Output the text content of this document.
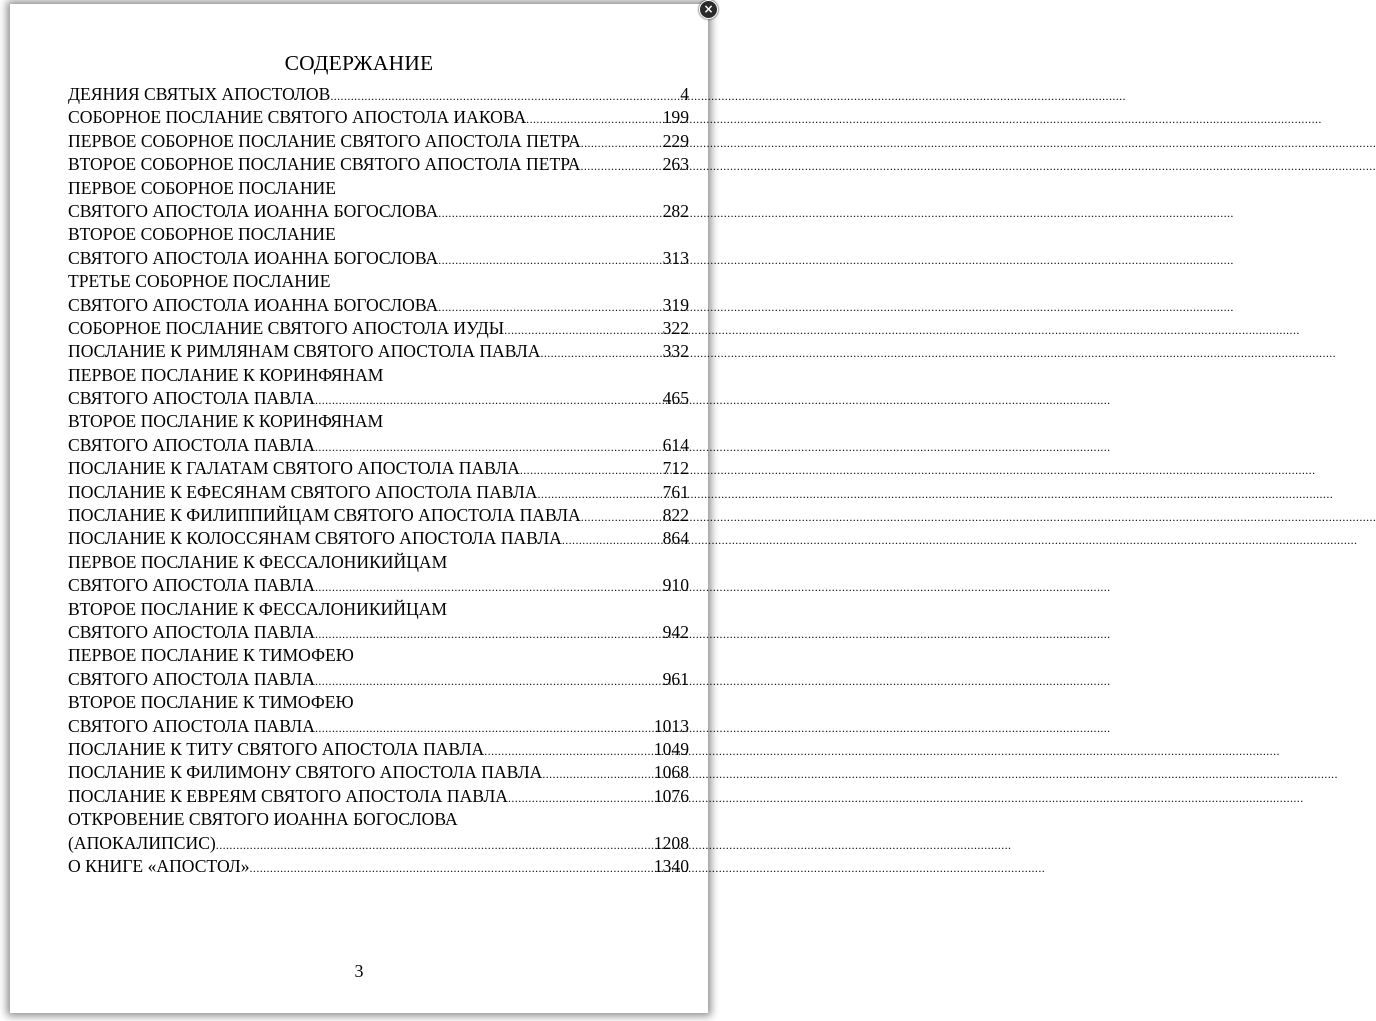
СОДЕРЖАНИЕ
ДЕЯНИЯ СВЯТЫХ АПОСТОЛОВ .....	4
СОБОРНОЕ ПОСЛАНИЕ СВЯТОГО АПОСТОЛА ИАКОВА .....	199
ПЕРВОЕ СОБОРНОЕ ПОСЛАНИЕ СВЯТОГО АПОСТОЛА ПЕТРА .....	229
ВТОРОЕ СОБОРНОЕ ПОСЛАНИЕ СВЯТОГО АПОСТОЛА ПЕТРА .....	263
ПЕРВОЕ СОБОРНОЕ ПОСЛАНИЕ
СВЯТОГО АПОСТОЛА ИОАННА БОГОСЛОВА .....	282
ВТОРОЕ СОБОРНОЕ ПОСЛАНИЕ
СВЯТОГО АПОСТОЛА ИОАННА БОГОСЛОВА .....	313
ТРЕТЬЕ СОБОРНОЕ ПОСЛАНИЕ
СВЯТОГО АПОСТОЛА ИОАННА БОГОСЛОВА .....	319
СОБОРНОЕ ПОСЛАНИЕ СВЯТОГО АПОСТОЛА ИУДЫ .....	322
ПОСЛАНИЕ К РИМЛЯНАМ СВЯТОГО АПОСТОЛА ПАВЛА .....	332
ПЕРВОЕ ПОСЛАНИЕ К КОРИНФЯНАМ
СВЯТОГО АПОСТОЛА ПАВЛА .....	465
ВТОРОЕ ПОСЛАНИЕ К КОРИНФЯНАМ
СВЯТОГО АПОСТОЛА ПАВЛА .....	614
ПОСЛАНИЕ К ГАЛАТАМ СВЯТОГО АПОСТОЛА ПАВЛА .....	712
ПОСЛАНИЕ К ЕФЕСЯНАМ СВЯТОГО АПОСТОЛА ПАВЛА .....	761
ПОСЛАНИЕ К ФИЛИППИЙЦАМ СВЯТОГО АПОСТОЛА ПАВЛА .....	822
ПОСЛАНИЕ К КОЛОССЯНАМ СВЯТОГО АПОСТОЛА ПАВЛА .....	864
ПЕРВОЕ ПОСЛАНИЕ К ФЕССАЛОНИКИЙЦАМ
СВЯТОГО АПОСТОЛА ПАВЛА .....	910
ВТОРОЕ ПОСЛАНИЕ К ФЕССАЛОНИКИЙЦАМ
СВЯТОГО АПОСТОЛА ПАВЛА .....	942
ПЕРВОЕ ПОСЛАНИЕ К ТИМОФЕЮ
СВЯТОГО АПОСТОЛА ПАВЛА .....	961
ВТОРОЕ ПОСЛАНИЕ К ТИМОФЕЮ
СВЯТОГО АПОСТОЛА ПАВЛА .....	1013
ПОСЛАНИЕ К ТИТУ СВЯТОГО АПОСТОЛА ПАВЛА .....	1049
ПОСЛАНИЕ К ФИЛИМОНУ СВЯТОГО АПОСТОЛА ПАВЛА .....	1068
ПОСЛАНИЕ К ЕВРЕЯМ СВЯТОГО АПОСТОЛА ПАВЛА .....	1076
ОТКРОВЕНИЕ СВЯТОГО ИОАННА БОГОСЛОВА
(АПОКАЛИПСИС) .....	1208
О КНИГЕ «АПОСТОЛ» .....	1340
3
×
